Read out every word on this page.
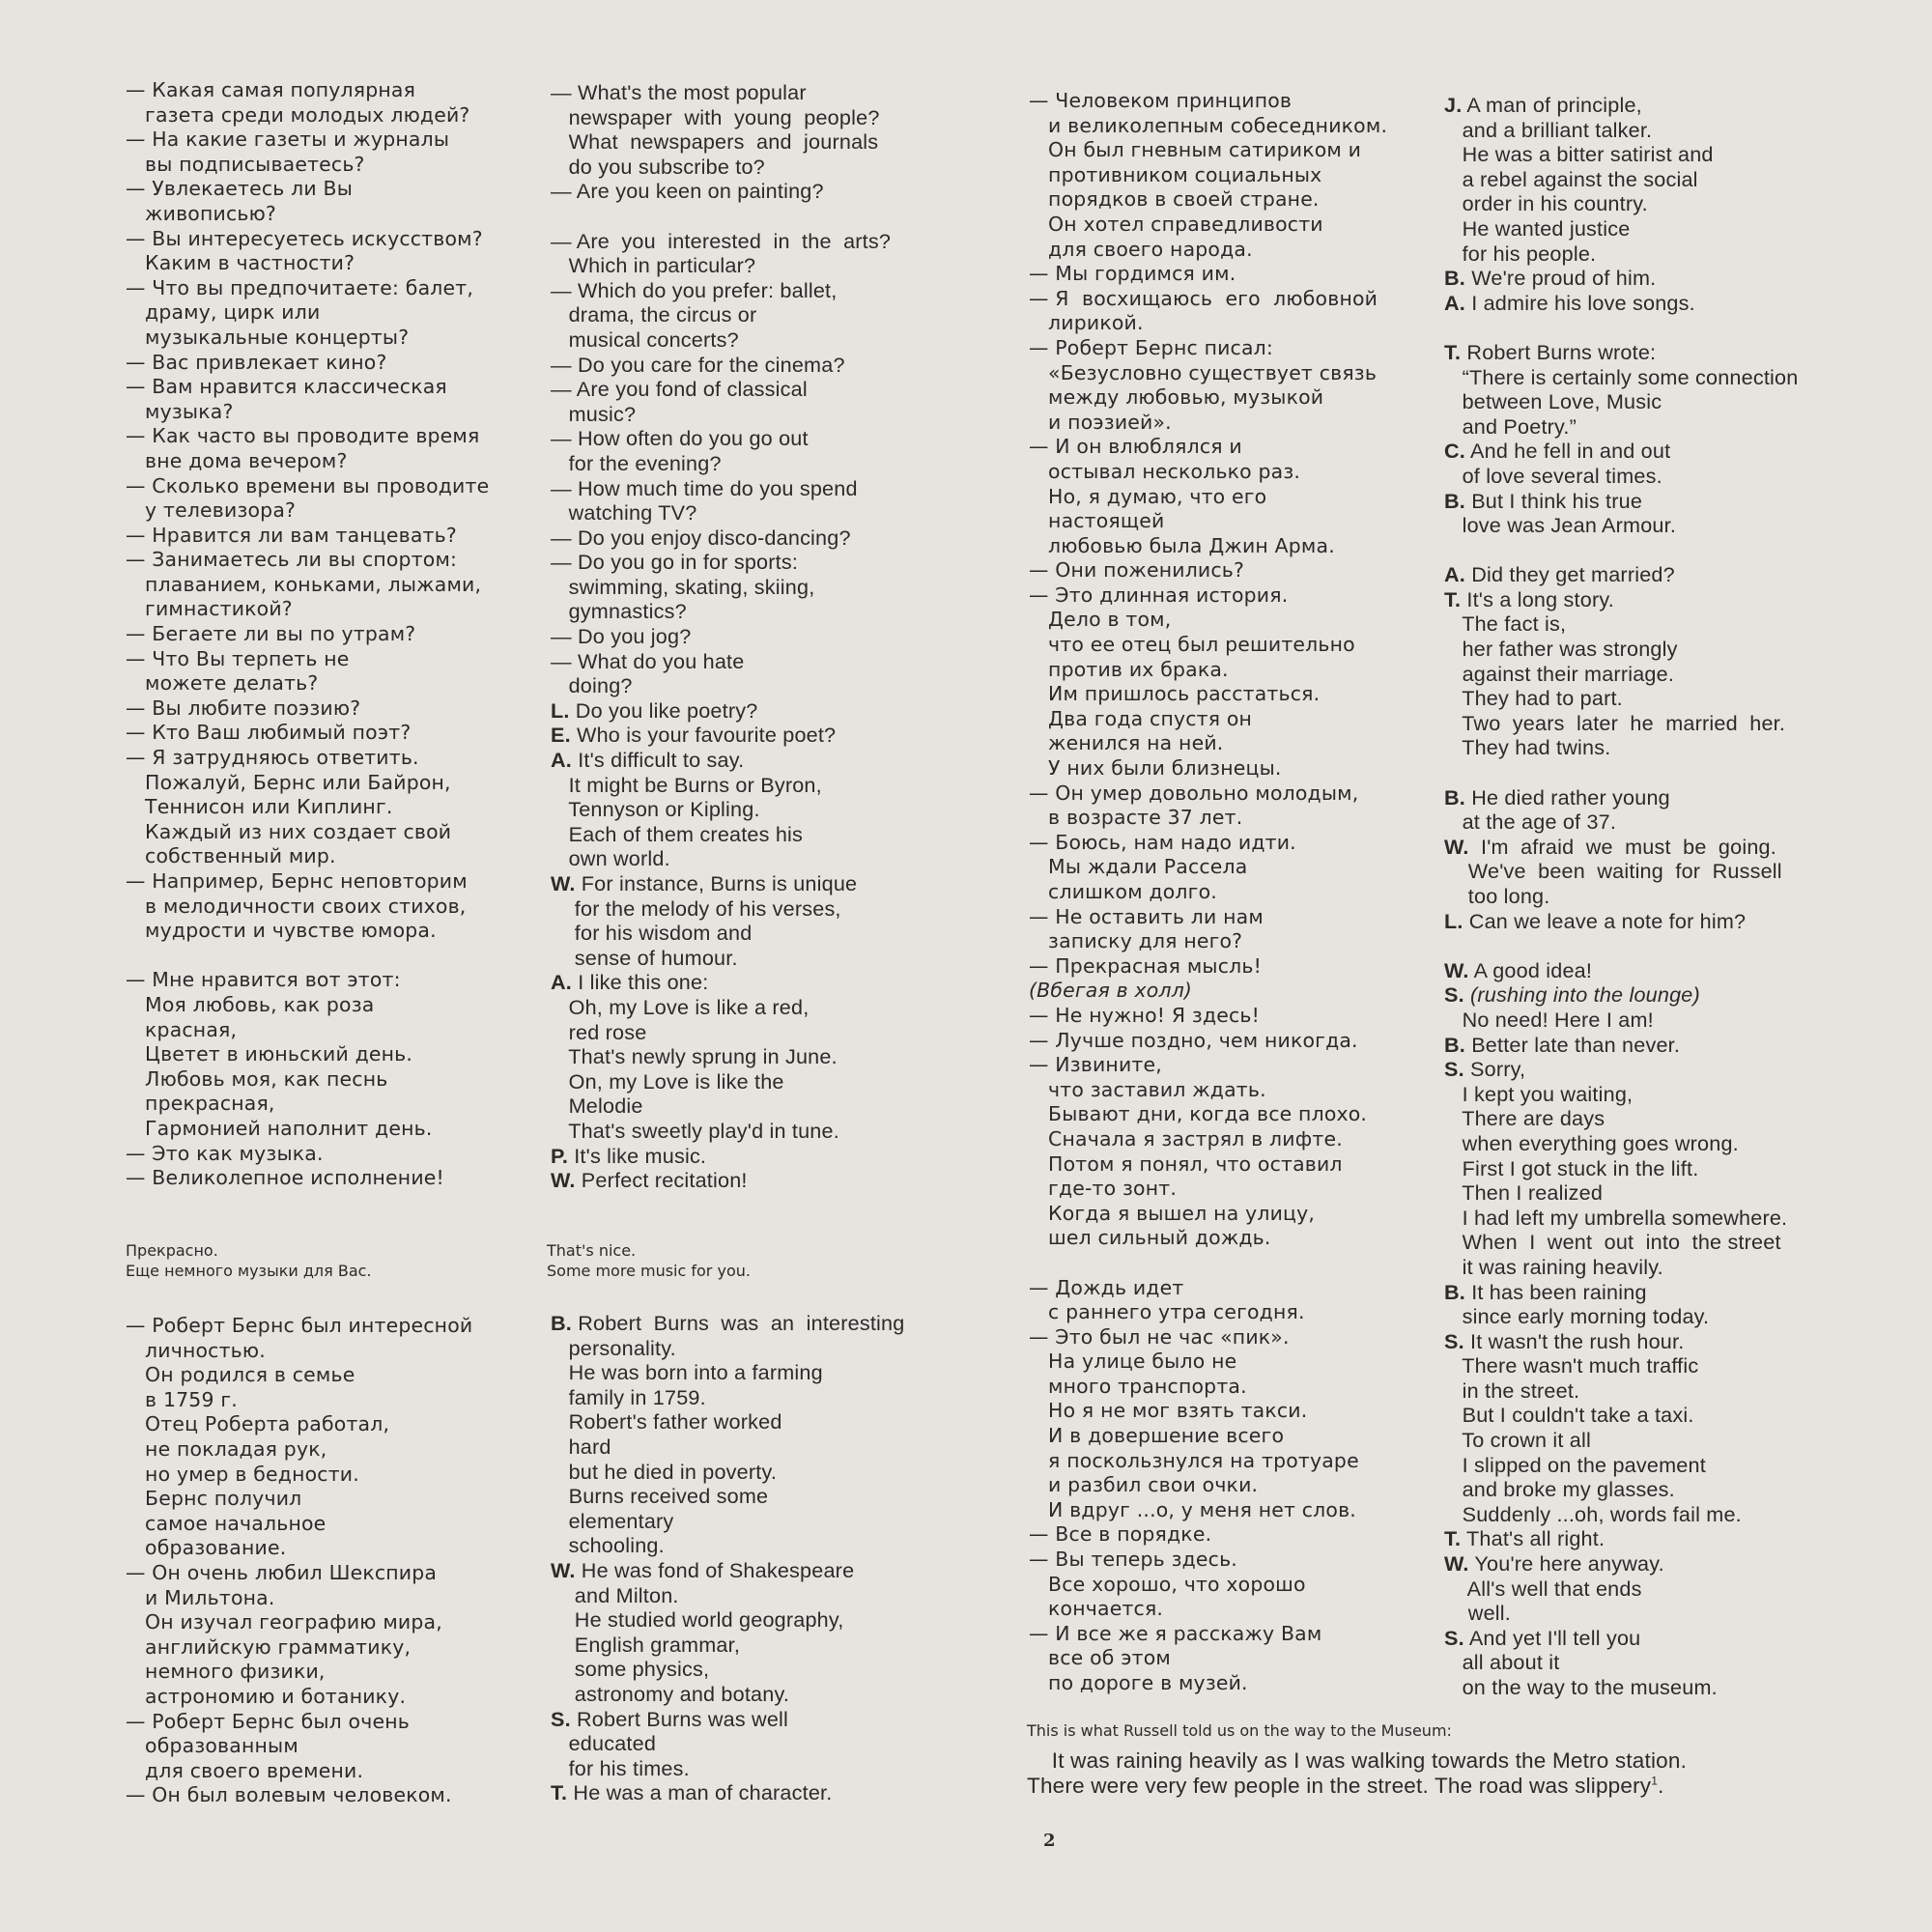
— Какая самая популярная
газета среди молодых людей?
— На какие газеты и журналы
вы подписываетесь?
— Увлекаетесь ли Вы
живописью?
— Вы интересуетесь искусством?
Каким в частности?
— Что вы предпочитаете: балет,
драму, цирк или
музыкальные концерты?
— Вас привлекает кино?
— Вам нравится классическая
музыка?
— Как часто вы проводите время
вне дома вечером?
— Сколько времени вы проводите
у телевизора?
— Нравится ли вам танцевать?
— Занимаетесь ли вы спортом:
плаванием, коньками, лыжами,
гимнастикой?
— Бегаете ли вы по утрам?
— Что Вы терпеть не
можете делать?
— Вы любите поэзию?
— Кто Ваш любимый поэт?
— Я затрудняюсь ответить.
Пожалуй, Бернс или Байрон,
Теннисон или Киплинг.
Каждый из них создает свой
собственный мир.
— Например, Бернс неповторим
в мелодичности своих стихов,
мудрости и чувстве юмора.
— Мне нравится вот этот:
Моя любовь, как роза
красная,
Цветет в июньский день.
Любовь моя, как песнь
прекрасная,
Гармонией наполнит день.
— Это как музыка.
— Великолепное исполнение!
— Роберт Бернс был интересной
личностью.
Он родился в семье
в 1759 г.
Отец Роберта работал,
не покладая рук,
но умер в бедности.
Бернс получил
самое начальное
образование.
— Он очень любил Шекспира
и Мильтона.
Он изучал географию мира,
английскую грамматику,
немного физики,
астрономию и ботанику.
— Роберт Бернс был очень
образованным
для своего времени.
— Он был волевым человеком.
Прекрасно.
Еще немного музыки для Вас.
— What's the most popular
newspaper  with  young  people?
What  newspapers  and  journals
do you subscribe to?
— Are you keen on painting?
— Are  you  interested  in  the  arts?
Which in particular?
— Which do you prefer: ballet,
drama, the circus or
musical concerts?
— Do you care for the cinema?
— Are you fond of classical
music?
— How often do you go out
for the evening?
— How much time do you spend
watching TV?
— Do you enjoy disco-dancing?
— Do you go in for sports:
swimming, skating, skiing,
gymnastics?
— Do you jog?
— What do you hate
doing?
L. Do you like poetry?
E. Who is your favourite poet?
A. It's difficult to say.
It might be Burns or Byron,
Tennyson or Kipling.
Each of them creates his
own world.
W. For instance, Burns is unique
for the melody of his verses,
for his wisdom and
sense of humour.
A. I like this one:
Oh, my Love is like a red,
red rose
That's newly sprung in June.
On, my Love is like the
Melodie
That's sweetly play'd in tune.
P. It's like music.
W. Perfect recitation!
B. Robert  Burns  was  an  interesting
personality.
He was born into a farming
family in 1759.
Robert's father worked
hard
but he died in poverty.
Burns received some
elementary
schooling.
W. He was fond of Shakespeare
and Milton.
He studied world geography,
English grammar,
some physics,
astronomy and botany.
S. Robert Burns was well
educated
for his times.
T. He was a man of character.
That's nice.
Some more music for you.
— Человеком принципов
и великолепным собеседником.
Он был гневным сатириком и
противником социальных
порядков в своей стране.
Он хотел справедливости
для своего народа.
— Мы гордимся им.
— Я  восхищаюсь  его  любовной
лирикой.
— Роберт Бернс писал:
«Безусловно существует связь
между любовью, музыкой
и поэзией».
— И он влюблялся и
остывал несколько раз.
Но, я думаю, что его
настоящей
любовью была Джин Арма.
— Они поженились?
— Это длинная история.
Дело в том,
что ее отец был решительно
против их брака.
Им пришлось расстаться.
Два года спустя он
женился на ней.
У них были близнецы.
— Он умер довольно молодым,
в возрасте 37 лет.
— Боюсь, нам надо идти.
Мы ждали Рассела
слишком долго.
— Не оставить ли нам
записку для него?
— Прекрасная мысль!
(Вбегая в холл)
— Не нужно! Я здесь!
— Лучше поздно, чем никогда.
— Извините,
что заставил ждать.
Бывают дни, когда все плохо.
Сначала я застрял в лифте.
Потом я понял, что оставил
где-то зонт.
Когда я вышел на улицу,
шел сильный дождь.
— Дождь идет
с раннего утра сегодня.
— Это был не час «пик».
На улице было не
много транспорта.
Но я не мог взять такси.
И в довершение всего
я поскользнулся на тротуаре
и разбил свои очки.
И вдруг ...о, у меня нет слов.
— Все в порядке.
— Вы теперь здесь.
Все хорошо, что хорошо
кончается.
— И все же я расскажу Вам
все об этом
по дороге в музей.
J. A man of principle,
and a brilliant talker.
He was a bitter satirist and
a rebel against the social
order in his country.
He wanted justice
for his people.
B. We're proud of him.
A. I admire his love songs.
T. Robert Burns wrote:
“There is certainly some connection
between Love, Music
and Poetry.”
C. And he fell in and out
of love several times.
B. But I think his true
love was Jean Armour.
A. Did they get married?
T. It's a long story.
The fact is,
her father was strongly
against their marriage.
They had to part.
Two  years  later  he  married  her.
They had twins.
B. He died rather young
at the age of 37.
W.  I'm  afraid  we  must  be  going.
We've  been  waiting  for  Russell
too long.
L. Can we leave a note for him?
W. A good idea!
S. (rushing into the lounge)
No need! Here I am!
B. Better late than never.
S. Sorry,
I kept you waiting,
There are days
when everything goes wrong.
First I got stuck in the lift.
Then I realized
I had left my umbrella somewhere.
When  I  went  out  into  the street
it was raining heavily.
B. It has been raining
since early morning today.
S. It wasn't the rush hour.
There wasn't much traffic
in the street.
But I couldn't take a taxi.
To crown it all
I slipped on the pavement
and broke my glasses.
Suddenly ...oh, words fail me.
T. That's all right.
W. You're here anyway.
All's well that ends
well.
S. And yet I'll tell you
all about it
on the way to the museum.
This is what Russell told us on the way to the Museum:
It was raining heavily as I was walking towards the Metro station.
There were very few people in the street. The road was slippery$^1$.
2
